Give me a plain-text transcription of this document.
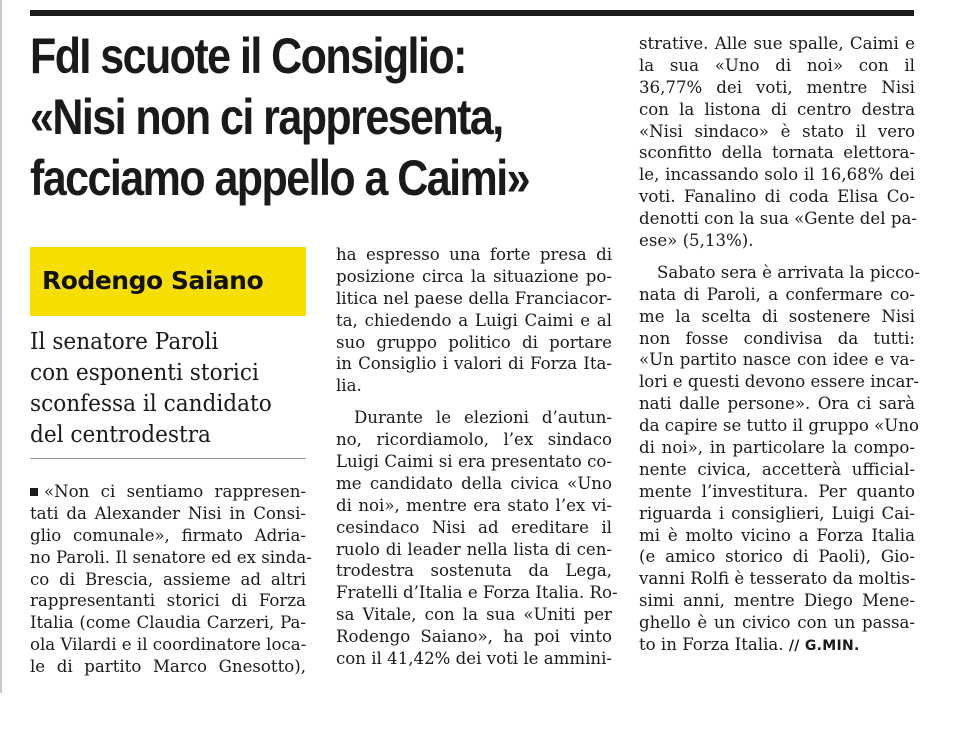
FdI scuote il Consiglio:
«Nisi non ci rappresenta,
facciamo appello a Caimi»
Rodengo Saiano
Il senatore Paroli
con esponenti storici
sconfessa il candidato
del centrodestra
«Non ci sentiamo rappresen-
tati da Alexander Nisi in Consi-
glio comunale», firmato Adria-
no Paroli. Il senatore ed ex sinda-
co di Brescia, assieme ad altri
rappresentanti storici di Forza
Italia (come Claudia Carzeri, Pa-
ola Vilardi e il coordinatore loca-
le di partito Marco Gnesotto),
ha espresso una forte presa di
posizione circa la situazione po-
litica nel paese della Franciacor-
ta, chiedendo a Luigi Caimi e al
suo gruppo politico di portare
in Consiglio i valori di Forza Ita-
lia.
Durante le elezioni d’autun-
no, ricordiamolo, l’ex sindaco
Luigi Caimi si era presentato co-
me candidato della civica «Uno
di noi», mentre era stato l’ex vi-
cesindaco Nisi ad ereditare il
ruolo di leader nella lista di cen-
trodestra sostenuta da Lega,
Fratelli d’Italia e Forza Italia. Ro-
sa Vitale, con la sua «Uniti per
Rodengo Saiano», ha poi vinto
con il 41,42% dei voti le ammini-
strative. Alle sue spalle, Caimi e
la sua «Uno di noi» con il
36,77% dei voti, mentre Nisi
con la listona di centro destra
«Nisi sindaco» è stato il vero
sconfitto della tornata elettora-
le, incassando solo il 16,68% dei
voti. Fanalino di coda Elisa Co-
denotti con la sua «Gente del pa-
ese» (5,13%).
Sabato sera è arrivata la picco-
nata di Paroli, a confermare co-
me la scelta di sostenere Nisi
non fosse condivisa da tutti:
«Un partito nasce con idee e va-
lori e questi devono essere incar-
nati dalle persone». Ora ci sarà
da capire se tutto il gruppo «Uno
di noi», in particolare la compo-
nente civica, accetterà ufficial-
mente l’investitura. Per quanto
riguarda i consiglieri, Luigi Cai-
mi è molto vicino a Forza Italia
(e amico storico di Paoli), Gio-
vanni Rolfi è tesserato da moltis-
simi anni, mentre Diego Mene-
ghello è un civico con un passa-
to in Forza Italia. // G.MIN.
